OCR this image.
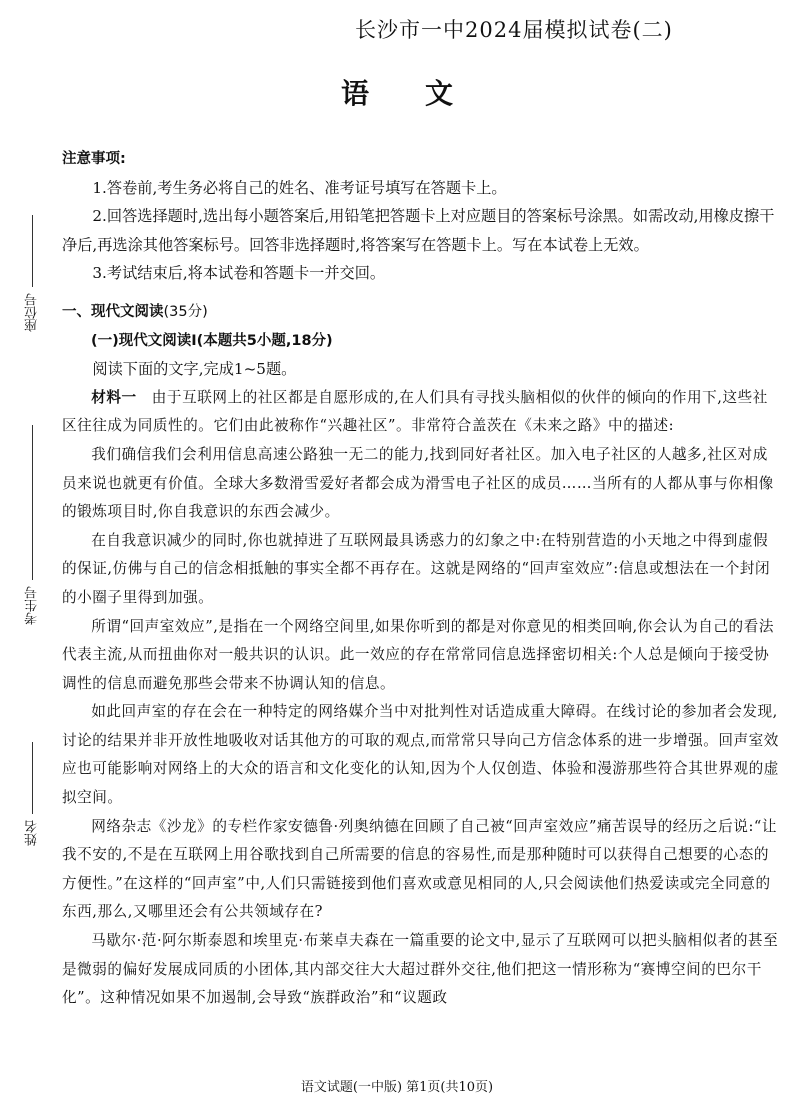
长沙市一中2024届模拟试卷(二)
语　　文
座位号
考生号
姓名

注意事项:

1.答卷前,考生务必将自己的姓名、准考证号填写在答题卡上。

2.回答选择题时,选出每小题答案后,用铅笔把答题卡上对应题目的答案标号涂黑。如需改动,用橡皮擦干净后,再选涂其他答案标号。回答非选择题时,将答案写在答题卡上。写在本试卷上无效。

3.考试结束后,将本试卷和答题卡一并交回。

一、现代文阅读(35分)

(一)现代文阅读Ⅰ(本题共5小题,18分)

阅读下面的文字,完成1~5题。

材料一　 由于互联网上的社区都是自愿形成的,在人们具有寻找头脑相似的伙伴的倾向的作用下,这些社区往往成为同质性的。它们由此被称作“兴趣社区”。非常符合盖茨在《未来之路》中的描述:

我们确信我们会利用信息高速公路独一无二的能力,找到同好者社区。加入电子社区的人越多,社区对成员来说也就更有价值。全球大多数滑雪爱好者都会成为滑雪电子社区的成员……当所有的人都从事与你相像的锻炼项目时,你自我意识的东西会减少。

在自我意识减少的同时,你也就掉进了互联网最具诱惑力的幻象之中:在特别营造的小天地之中得到虚假的保证,仿佛与自己的信念相抵触的事实全都不再存在。这就是网络的“回声室效应”:信息或想法在一个封闭的小圈子里得到加强。

所谓“回声室效应”,是指在一个网络空间里,如果你听到的都是对你意见的相类回响,你会认为自己的看法代表主流,从而扭曲你对一般共识的认识。此一效应的存在常常同信息选择密切相关:个人总是倾向于接受协调性的信息而避免那些会带来不协调认知的信息。

如此回声室的存在会在一种特定的网络媒介当中对批判性对话造成重大障碍。在线讨论的参加者会发现,讨论的结果并非开放性地吸收对话其他方的可取的观点,而常常只导向己方信念体系的进一步增强。回声室效应也可能影响对网络上的大众的语言和文化变化的认知,因为个人仅创造、体验和漫游那些符合其世界观的虚拟空间。

网络杂志《沙龙》的专栏作家安德鲁·列奥纳德在回顾了自己被“回声室效应”痛苦误导的经历之后说:“让我不安的,不是在互联网上用谷歌找到自己所需要的信息的容易性,而是那种随时可以获得自己想要的心态的方便性。”在这样的“回声室”中,人们只需链接到他们喜欢或意见相同的人,只会阅读他们热爱读或完全同意的东西,那么,又哪里还会有公共领域存在?

马歇尔·范·阿尔斯泰恩和埃里克·布莱卓夫森在一篇重要的论文中,显示了互联网可以把头脑相似者的甚至是微弱的偏好发展成同质的小团体,其内部交往大大超过群外交往,他们把这一情形称为“赛博空间的巴尔干化”。这种情况如果不加遏制,会导致“族群政治”和“议题政

语文试题(一中版) 第1页(共10页)
